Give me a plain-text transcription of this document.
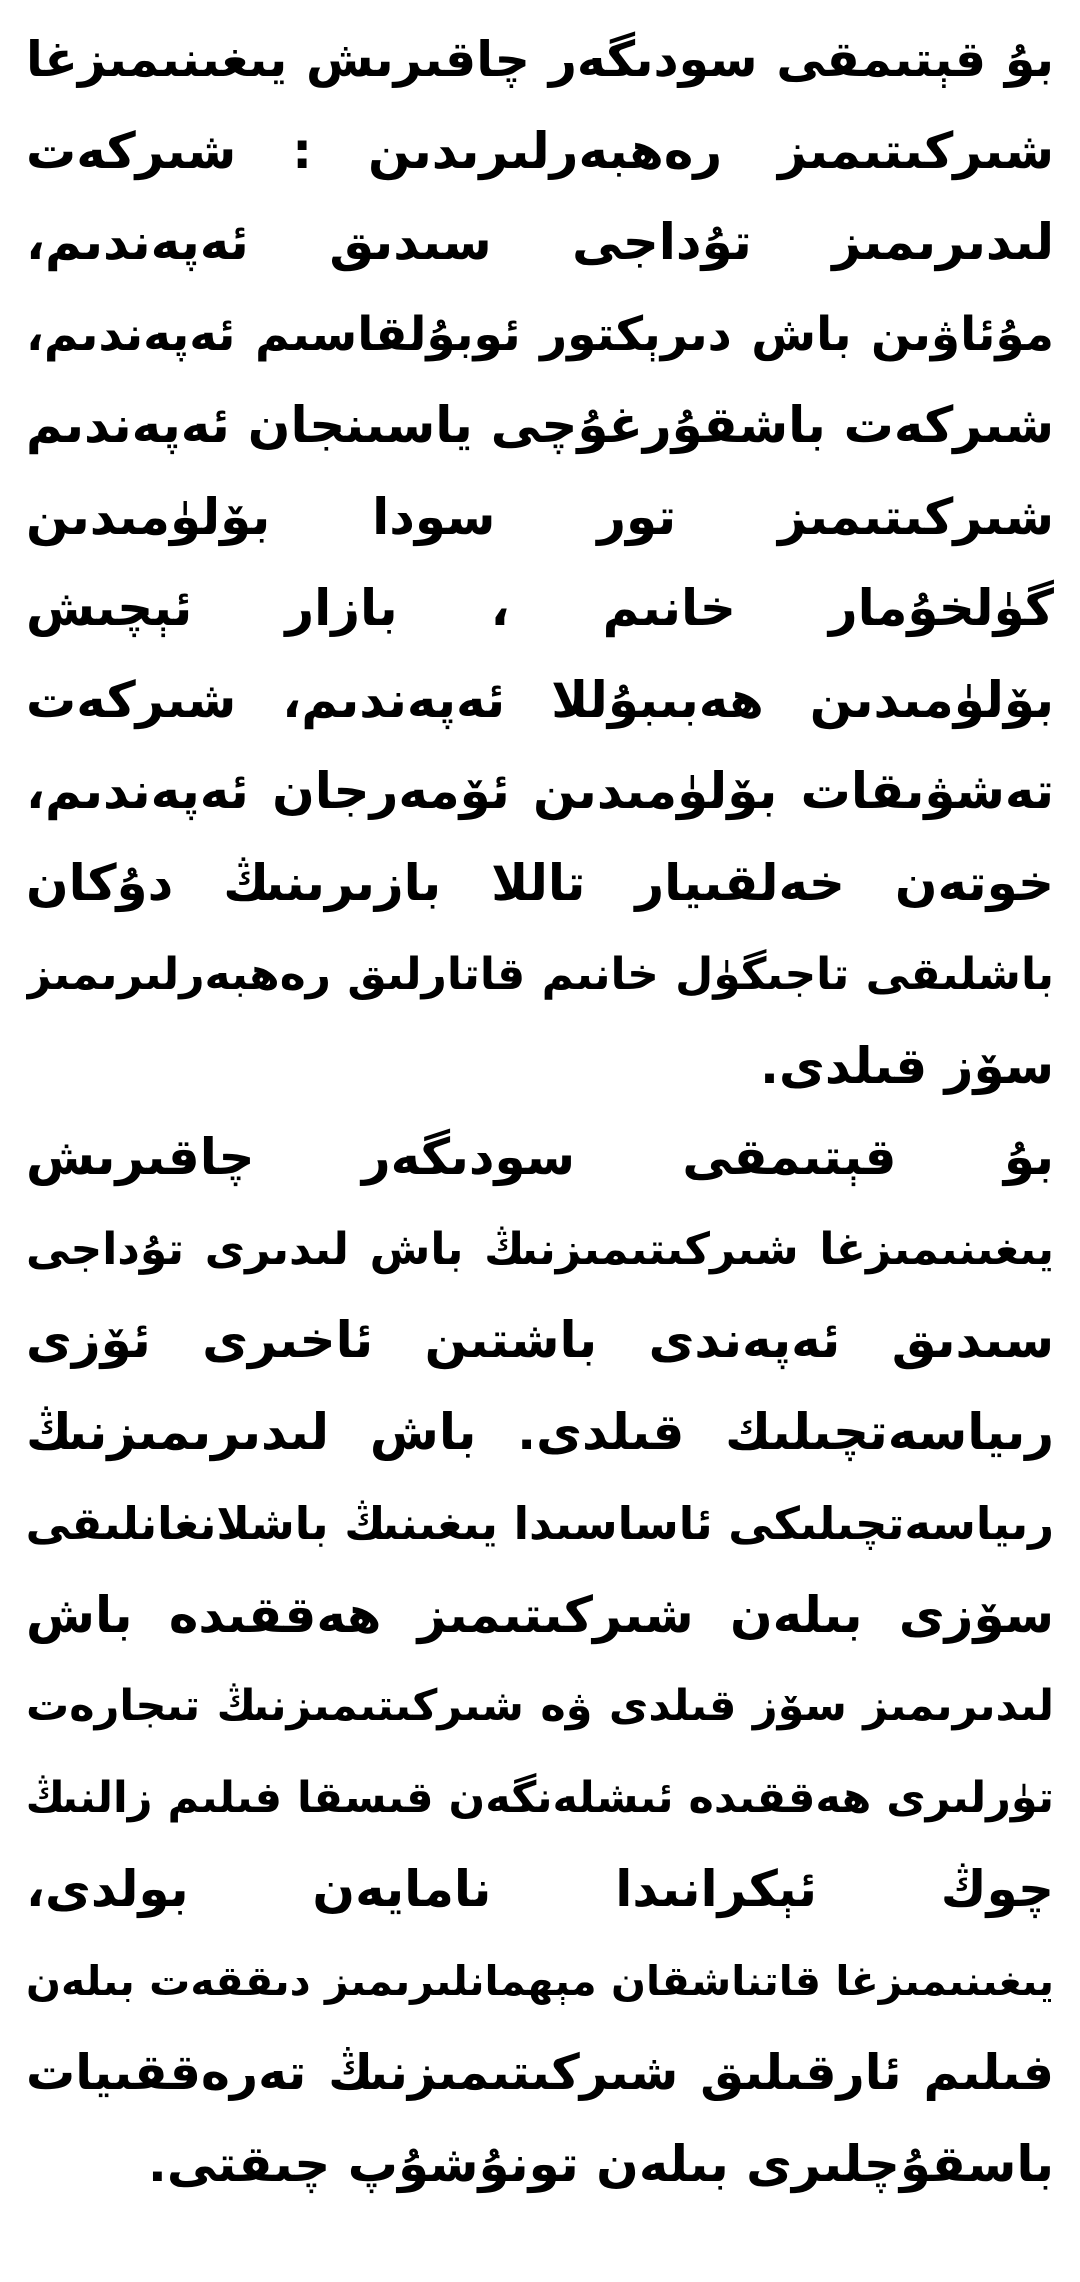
بۇ قېتىمقى سودىگەر چاقىرىش يىغىنىمىزغا
شىركىتىمىز رەھبەرلىرىدىن : شىركەت
لىدىرىمىز تۇداجى سىدىق ئەپەندىم،
مۇئاۋىن باش دىرېكتور ئوبۇلقاسىم ئەپەندىم،
شىركەت باشقۇرغۇچى ياسىنجان ئەپەندىم
شىركىتىمىز تور سودا بۆلۈمىدىن
گۈلخۇمار خانىم ، بازار ئېچىش
بۆلۈمىدىن ھەبىبۇللا ئەپەندىم، شىركەت
تەشۋىقات بۆلۈمىدىن ئۆمەرجان ئەپەندىم،
خوتەن خەلقىيار تاللا بازىرىنىڭ دۇكان
باشلىقى تاجىگۈل خانىم قاتارلىق رەھبەرلىرىمىز
سۆز قىلدى.
بۇ قېتىمقى سودىگەر چاقىرىش
يىغىنىمىزغا شىركىتىمىزنىڭ باش لىدىرى تۇداجى
سىدىق ئەپەندى باشتىن ئاخىرى ئۆزى
رىياسەتچىلىك قىلدى. باش لىدىرىمىزنىڭ
رىياسەتچىلىكى ئاساسىدا يىغىنىڭ باشلانغانلىقى
سۆزى بىلەن شىركىتىمىز ھەققىدە باش
لىدىرىمىز سۆز قىلدى ۋە شىركىتىمىزنىڭ تىجارەت
تۈرلىرى ھەققىدە ئىشلەنگەن قىسقا فىلىم زالنىڭ
چوڭ ئېكرانىدا نامايەن بولدى،
يىغىنىمىزغا قاتناشقان مېھمانلىرىمىز دىققەت بىلەن
فىلىم ئارقىلىق شىركىتىمىزنىڭ تەرەققىيات
باسقۇچلىرى بىلەن تونۇشۇپ چىقتى.
